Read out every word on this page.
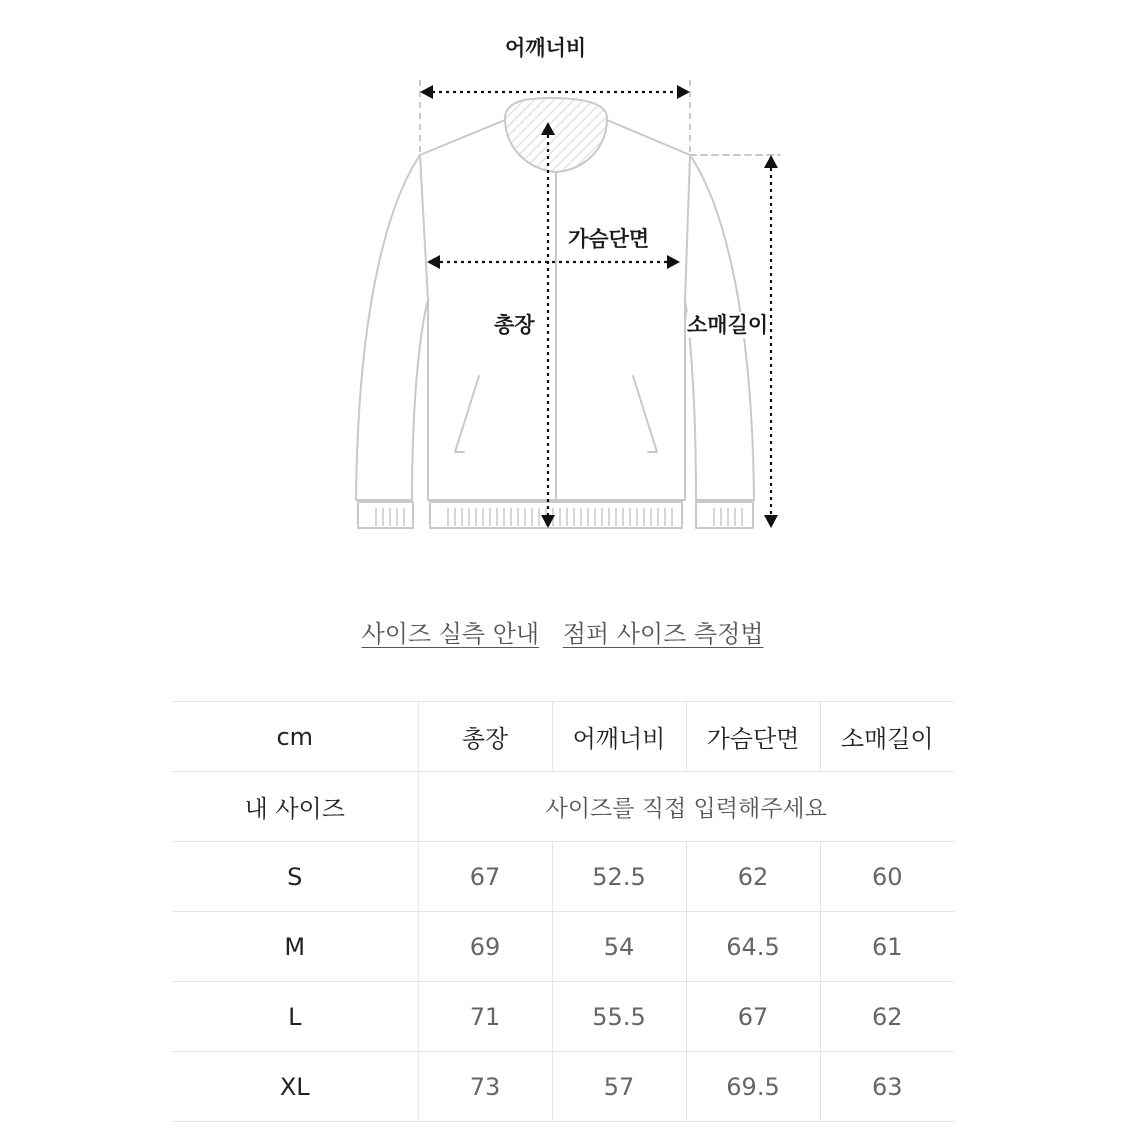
어깨너비
가슴단면
총장	소매길이
사이즈 실측 안내 점퍼 사이즈 측정법
cm	총장	어깨너비	가슴단면	소매길이
내 사이즈	사이즈를 직접 입력해주세요			
S	67	52.5	62	60
M	69	54	64.5	61
L	71	55.5	67	62
XL	73	57	69.5	63
